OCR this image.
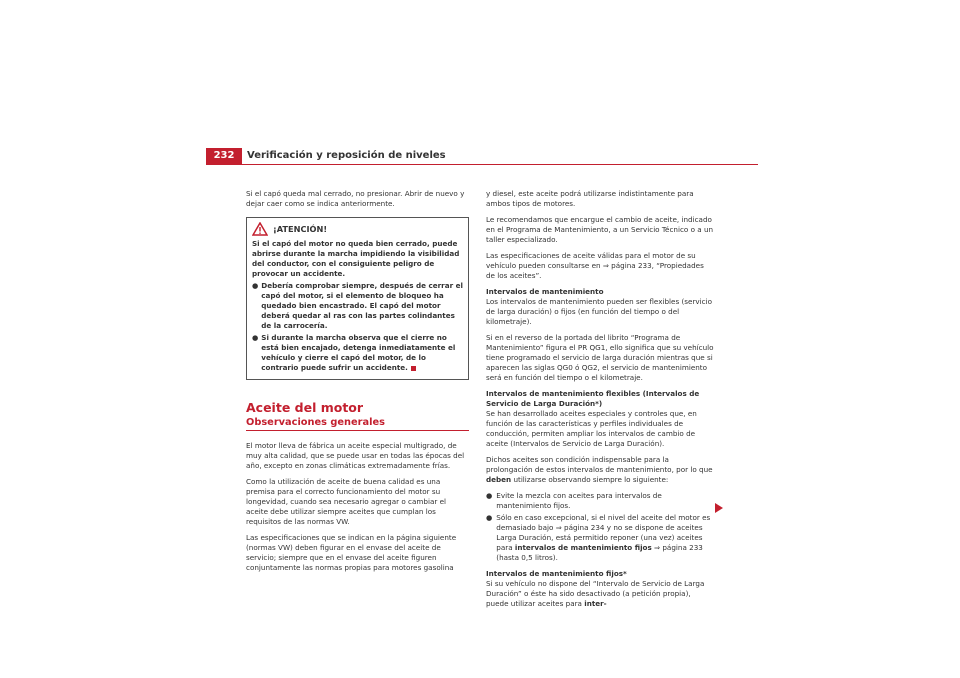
232	Verificación y reposición de niveles

Si el capó queda mal cerrado, no presionar. Abrir de nuevo y dejar caer como se indica anteriormente.

¡ATENCIÓN!

Si el capó del motor no queda bien cerrado, puede abrirse durante la marcha impidiendo la visibilidad del conductor, con el consiguiente peligro de provocar un accidente.

● Debería comprobar siempre, después de cerrar el capó del motor, si el elemento de bloqueo ha quedado bien encastrado. El capó del motor deberá quedar al ras con las partes colindantes de la carrocería.

● Si durante la marcha observa que el cierre no está bien encajado, detenga inmediatamente el vehículo y cierre el capó del motor, de lo contrario puede sufrir un accidente.

Aceite del motor
Observaciones generales

El motor lleva de fábrica un aceite especial multigrado, de muy alta calidad, que se puede usar en todas las épocas del año, excepto en zonas climáticas extremadamente frías.

Como la utilización de aceite de buena calidad es una premisa para el correcto funcionamiento del motor su longevidad, cuando sea necesario agregar o cambiar el aceite debe utilizar siempre aceites que cumplan los requisitos de las normas VW.

Las especificaciones que se indican en la página siguiente (normas VW) deben figurar en el envase del aceite de servicio; siempre que en el envase del aceite figuren conjuntamente las normas propias para motores gasolina

y diesel, este aceite podrá utilizarse indistintamente para ambos tipos de motores.

Le recomendamos que encargue el cambio de aceite, indicado en el Programa de Mantenimiento, a un Servicio Técnico o a un taller especializado.

Las especificaciones de aceite válidas para el motor de su vehículo pueden consultarse en ⇒ página 233, “Propiedades de los aceites”.

Intervalos de mantenimiento

Los intervalos de mantenimiento pueden ser flexibles (servicio de larga duración) o fijos (en función del tiempo o del kilometraje).

Si en el reverso de la portada del librito “Programa de Mantenimiento” figura el PR QG1, ello significa que su vehículo tiene programado el servicio de larga duración mientras que si aparecen las siglas QG0 ó QG2, el servicio de mantenimiento será en función del tiempo o el kilometraje.

Intervalos de mantenimiento flexibles (Intervalos de Servicio de Larga Duración*)

Se han desarrollado aceites especiales y controles que, en función de las características y perfiles individuales de conducción, permiten ampliar los intervalos de cambio de aceite (Intervalos de Servicio de Larga Duración).

Dichos aceites son condición indispensable para la prolongación de estos intervalos de mantenimiento, por lo que deben utilizarse observando siempre lo siguiente:

● Evite la mezcla con aceites para intervalos de mantenimiento fijos.
● Sólo en caso excepcional, si el nivel del aceite del motor es demasiado bajo ⇒ página 234 y no se dispone de aceites Larga Duración, está permitido reponer (una vez) aceites para intervalos de mantenimiento fijos ⇒ página 233 (hasta 0,5 litros).

Intervalos de mantenimiento fijos*

Si su vehículo no dispone del “Intervalo de Servicio de Larga Duración” o éste ha sido desactivado (a petición propia), puede utilizar aceites para inter-
